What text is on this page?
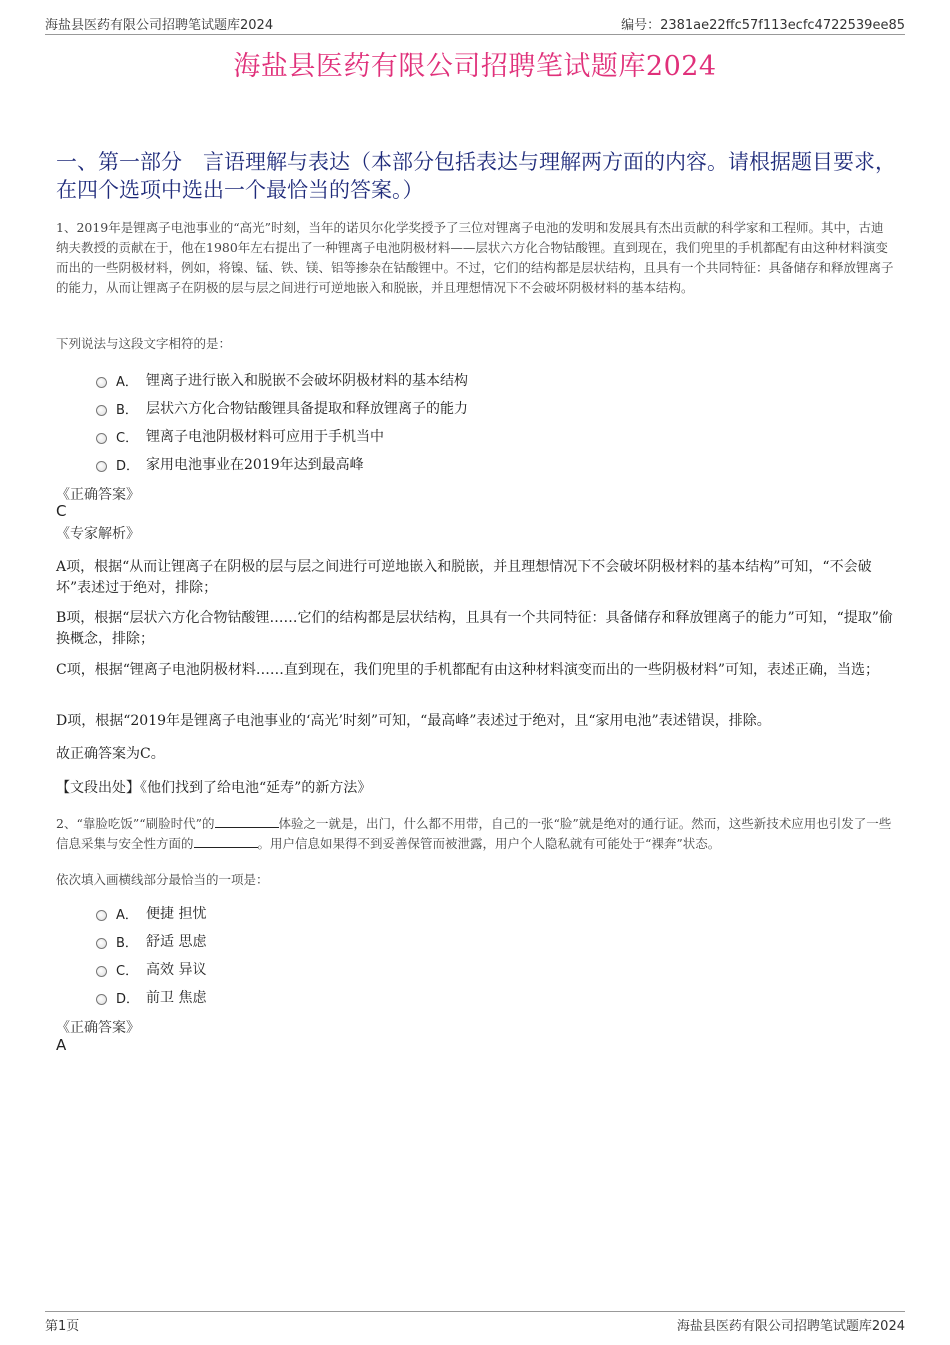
海盐县医药有限公司招聘笔试题库2024	编号：2381ae22ffc57f113ecfc4722539ee85
海盐县医药有限公司招聘笔试题库2024
一、第一部分　言语理解与表达（本部分包括表达与理解两方面的内容。请根据题目要求，在四个选项中选出一个最恰当的答案。）
1、2019年是锂离子电池事业的“高光”时刻，当年的诺贝尔化学奖授予了三位对锂离子电池的发明和发展具有杰出贡献的科学家和工程师。其中，古迪纳夫教授的贡献在于，他在1980年左右提出了一种锂离子电池阴极材料——层状六方化合物钴酸锂。直到现在，我们兜里的手机都配有由这种材料演变而出的一些阴极材料，例如，将镍、锰、铁、镁、铝等掺杂在钴酸锂中。不过，它们的结构都是层状结构，且具有一个共同特征：具备储存和释放锂离子的能力，从而让锂离子在阴极的层与层之间进行可逆地嵌入和脱嵌，并且理想情况下不会破坏阴极材料的基本结构。
下列说法与这段文字相符的是：
A． 锂离子进行嵌入和脱嵌不会破坏阴极材料的基本结构
B． 层状六方化合物钴酸锂具备提取和释放锂离子的能力
C． 锂离子电池阴极材料可应用于手机当中
D． 家用电池事业在2019年达到最高峰
《正确答案》
C
《专家解析》
A项，根据“从而让锂离子在阴极的层与层之间进行可逆地嵌入和脱嵌，并且理想情况下不会破坏阴极材料的基本结构”可知，“不会破坏”表述过于绝对，排除；
B项，根据“层状六方化合物钴酸锂……它们的结构都是层状结构，且具有一个共同特征：具备储存和释放锂离子的能力”可知，“提取”偷换概念，排除；
C项，根据“锂离子电池阴极材料……直到现在，我们兜里的手机都配有由这种材料演变而出的一些阴极材料”可知，表述正确，当选；
D项，根据“2019年是锂离子电池事业的‘高光’时刻”可知，“最高峰”表述过于绝对，且“家用电池”表述错误，排除。
故正确答案为C。
【文段出处】《他们找到了给电池“延寿”的新方法》
2、“靠脸吃饭”“刷脸时代”的	体验之一就是，出门，什么都不用带，自己的一张“脸”就是绝对的通行证。然而，这些新技术应用也引发了一些信息采集与安全性方面的	。用户信息如果得不到妥善保管而被泄露，用户个人隐私就有可能处于“裸奔”状态。
依次填入画横线部分最恰当的一项是：
A． 便捷 担忧
B． 舒适 思虑
C． 高效 异议
D． 前卫 焦虑
《正确答案》
A
第1页	海盐县医药有限公司招聘笔试题库2024
